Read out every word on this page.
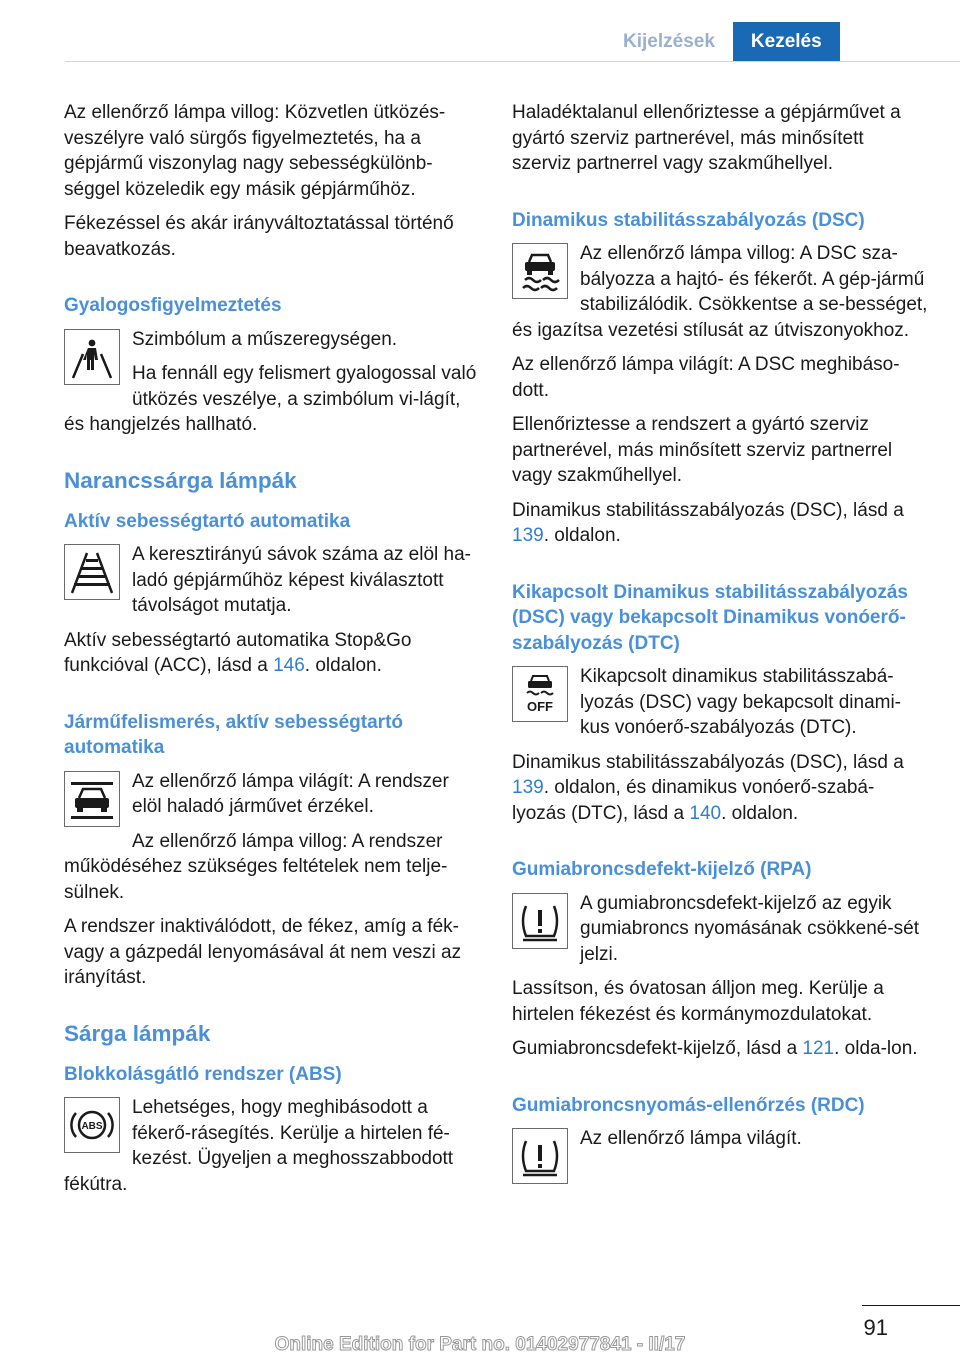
Kijelzések	Kezelés

Az ellenőrző lámpa villog: Közvetlen ütközés-veszélyre való sürgős figyelmeztetés, ha a gépjármű viszonylag nagy sebességkülönb-séggel közeledik egy másik gépjárműhöz.

Fékezéssel és akár irányváltoztatással történő beavatkozás.

Gyalogosfigyelmeztetés

Szimbólum a műszeregységen.

Ha fennáll egy felismert gyalogossal való ütközés veszélye, a szimbólum vi-lágít, és hangjelzés hallható.

Narancssárga lámpák
Aktív sebességtartó automatika

A keresztirányú sávok száma az elöl ha-ladó gépjárműhöz képest kiválasztott távolságot mutatja.

Aktív sebességtartó automatika Stop&Go funkcióval (ACC), lásd a 146. oldalon.

Járműfelismerés, aktív sebességtartó automatika

Az ellenőrző lámpa világít: A rendszer elöl haladó járművet érzékel.

Az ellenőrző lámpa villog: A rendszer működéséhez szükséges feltételek nem telje-sülnek.

A rendszer inaktiválódott, de fékez, amíg a fék- vagy a gázpedál lenyomásával át nem veszi az irányítást.

Sárga lámpák
Blokkolásgátló rendszer (ABS)
ABS

Lehetséges, hogy meghibásodott a fékerő-rásegítés. Kerülje a hirtelen fé-kezést. Ügyeljen a meghosszabbodott fékútra.

Haladéktalanul ellenőriztesse a gépjárművet a gyártó szerviz partnerével, más minősített szerviz partnerrel vagy szakműhellyel.

Dinamikus stabilitásszabályozás (DSC)

Az ellenőrző lámpa villog: A DSC sza-bályozza a hajtó- és fékerőt. A gép-jármű stabilizálódik. Csökkentse a se-bességet, és igazítsa vezetési stílusát az útviszonyokhoz.

Az ellenőrző lámpa világít: A DSC meghibáso-dott.

Ellenőriztesse a rendszert a gyártó szerviz partnerével, más minősített szerviz partnerrel vagy szakműhellyel.

Dinamikus stabilitásszabályozás (DSC), lásd a 139. oldalon.

Kikapcsolt Dinamikus stabilitásszabályozás (DSC) vagy bekapcsolt Dinamikus vonóerő-szabályozás (DTC)
OFF

Kikapcsolt dinamikus stabilitásszabá-lyozás (DSC) vagy bekapcsolt dinami-kus vonóerő-szabályozás (DTC).

Dinamikus stabilitásszabályozás (DSC), lásd a 139. oldalon, és dinamikus vonóerő-szabá-lyozás (DTC), lásd a 140. oldalon.

Gumiabroncsdefekt-kijelző (RPA)

A gumiabroncsdefekt-kijelző az egyik gumiabroncs nyomásának csökkené-sét jelzi.

Lassítson, és óvatosan álljon meg. Kerülje a hirtelen fékezést és kormánymozdulatokat.

Gumiabroncsdefekt-kijelző, lásd a 121. olda-lon.

Gumiabroncsnyomás-ellenőrzés (RDC)

Az ellenőrző lámpa világít.

91
Online Edition for Part no. 01402977841 - II/17
